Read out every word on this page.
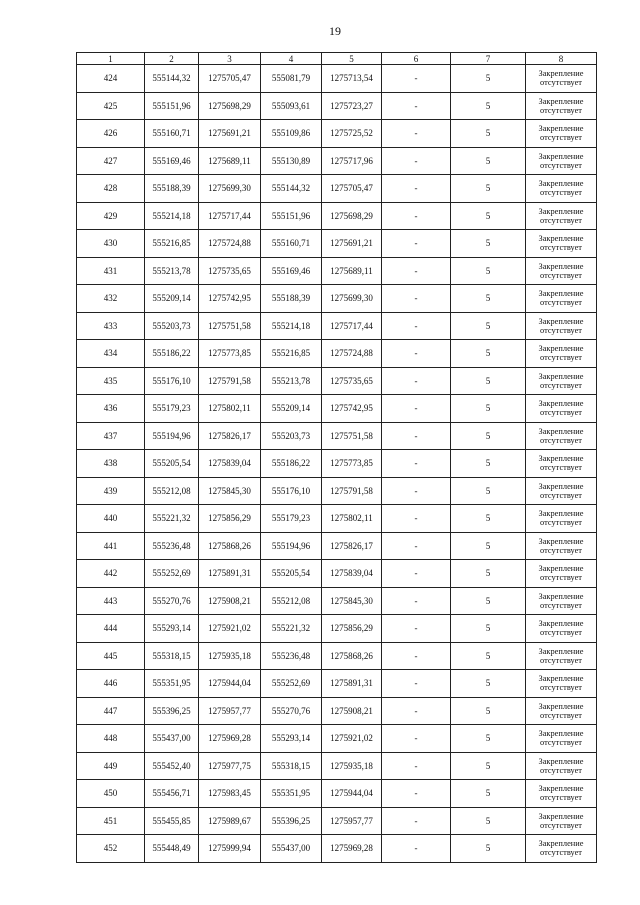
19
1	2	3	4	5	6	7	8
424	555144,32	1275705,47	555081,79	1275713,54	-	5	Закрепление отсутствует
425	555151,96	1275698,29	555093,61	1275723,27	-	5	Закрепление отсутствует
426	555160,71	1275691,21	555109,86	1275725,52	-	5	Закрепление отсутствует
427	555169,46	1275689,11	555130,89	1275717,96	-	5	Закрепление отсутствует
428	555188,39	1275699,30	555144,32	1275705,47	-	5	Закрепление отсутствует
429	555214,18	1275717,44	555151,96	1275698,29	-	5	Закрепление отсутствует
430	555216,85	1275724,88	555160,71	1275691,21	-	5	Закрепление отсутствует
431	555213,78	1275735,65	555169,46	1275689,11	-	5	Закрепление отсутствует
432	555209,14	1275742,95	555188,39	1275699,30	-	5	Закрепление отсутствует
433	555203,73	1275751,58	555214,18	1275717,44	-	5	Закрепление отсутствует
434	555186,22	1275773,85	555216,85	1275724,88	-	5	Закрепление отсутствует
435	555176,10	1275791,58	555213,78	1275735,65	-	5	Закрепление отсутствует
436	555179,23	1275802,11	555209,14	1275742,95	-	5	Закрепление отсутствует
437	555194,96	1275826,17	555203,73	1275751,58	-	5	Закрепление отсутствует
438	555205,54	1275839,04	555186,22	1275773,85	-	5	Закрепление отсутствует
439	555212,08	1275845,30	555176,10	1275791,58	-	5	Закрепление отсутствует
440	555221,32	1275856,29	555179,23	1275802,11	-	5	Закрепление отсутствует
441	555236,48	1275868,26	555194,96	1275826,17	-	5	Закрепление отсутствует
442	555252,69	1275891,31	555205,54	1275839,04	-	5	Закрепление отсутствует
443	555270,76	1275908,21	555212,08	1275845,30	-	5	Закрепление отсутствует
444	555293,14	1275921,02	555221,32	1275856,29	-	5	Закрепление отсутствует
445	555318,15	1275935,18	555236,48	1275868,26	-	5	Закрепление отсутствует
446	555351,95	1275944,04	555252,69	1275891,31	-	5	Закрепление отсутствует
447	555396,25	1275957,77	555270,76	1275908,21	-	5	Закрепление отсутствует
448	555437,00	1275969,28	555293,14	1275921,02	-	5	Закрепление отсутствует
449	555452,40	1275977,75	555318,15	1275935,18	-	5	Закрепление отсутствует
450	555456,71	1275983,45	555351,95	1275944,04	-	5	Закрепление отсутствует
451	555455,85	1275989,67	555396,25	1275957,77	-	5	Закрепление отсутствует
452	555448,49	1275999,94	555437,00	1275969,28	-	5	Закрепление отсутствует
